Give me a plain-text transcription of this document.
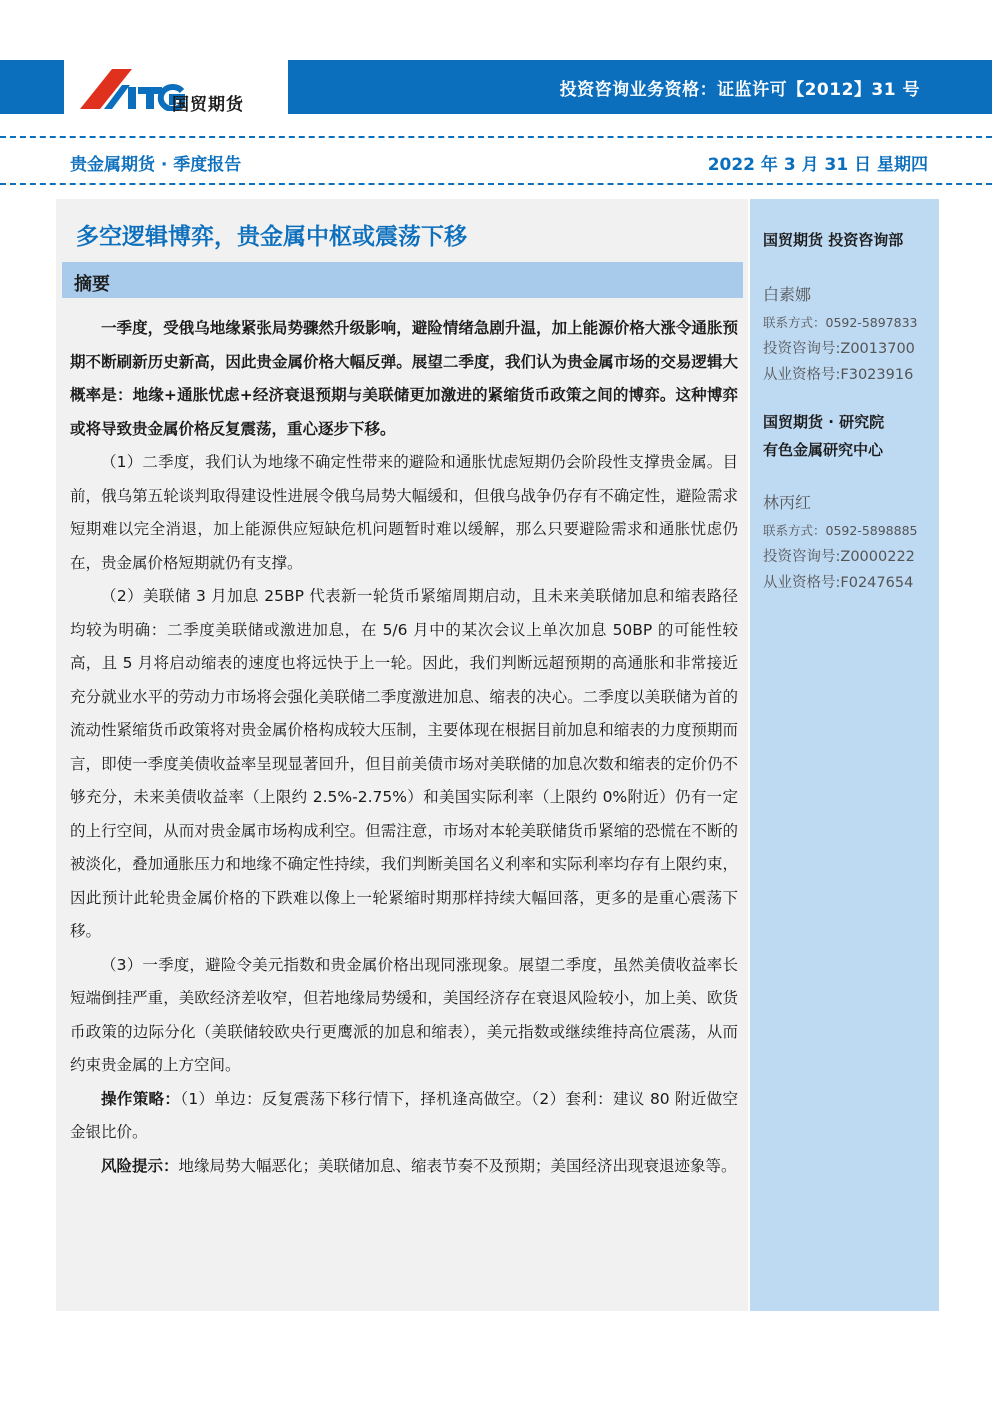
国贸期货
投资咨询业务资格：证监许可【2012】31 号
贵金属期货 · 季度报告	2022 年 3 月 31 日 星期四
多空逻辑博弈，贵金属中枢或震荡下移
摘要

一季度，受俄乌地缘紧张局势骤然升级影响，避险情绪急剧升温，加上能源价格大涨令通胀预期不断刷新历史新高，因此贵金属价格大幅反弹。展望二季度，我们认为贵金属市场的交易逻辑大概率是：地缘+通胀忧虑+经济衰退预期与美联储更加激进的紧缩货币政策之间的博弈。这种博弈或将导致贵金属价格反复震荡，重心逐步下移。

（1）二季度，我们认为地缘不确定性带来的避险和通胀忧虑短期仍会阶段性支撑贵金属。目前，俄乌第五轮谈判取得建设性进展令俄乌局势大幅缓和，但俄乌战争仍存有不确定性，避险需求短期难以完全消退，加上能源供应短缺危机问题暂时难以缓解，那么只要避险需求和通胀忧虑仍在，贵金属价格短期就仍有支撑。

（2）美联储 3 月加息 25BP 代表新一轮货币紧缩周期启动，且未来美联储加息和缩表路径均较为明确：二季度美联储或激进加息，在 5/6 月中的某次会议上单次加息 50BP 的可能性较高，且 5 月将启动缩表的速度也将远快于上一轮。因此，我们判断远超预期的高通胀和非常接近充分就业水平的劳动力市场将会强化美联储二季度激进加息、缩表的决心。二季度以美联储为首的流动性紧缩货币政策将对贵金属价格构成较大压制，主要体现在根据目前加息和缩表的力度预期而言，即使一季度美债收益率呈现显著回升，但目前美债市场对美联储的加息次数和缩表的定价仍不够充分，未来美债收益率（上限约 2.5%-2.75%）和美国实际利率（上限约 0%附近）仍有一定的上行空间，从而对贵金属市场构成利空。但需注意，市场对本轮美联储货币紧缩的恐慌在不断的被淡化，叠加通胀压力和地缘不确定性持续，我们判断美国名义利率和实际利率均存有上限约束，因此预计此轮贵金属价格的下跌难以像上一轮紧缩时期那样持续大幅回落，更多的是重心震荡下移。

（3）一季度，避险令美元指数和贵金属价格出现同涨现象。展望二季度，虽然美债收益率长短端倒挂严重，美欧经济差收窄，但若地缘局势缓和，美国经济存在衰退风险较小，加上美、欧货币政策的边际分化（美联储较欧央行更鹰派的加息和缩表），美元指数或继续维持高位震荡，从而约束贵金属的上方空间。

操作策略：（1）单边：反复震荡下移行情下，择机逢高做空。（2）套利：建议 80 附近做空金银比价。

风险提示：地缘局势大幅恶化；美联储加息、缩表节奏不及预期；美国经济出现衰退迹象等。

国贸期货 投资咨询部
白素娜
联系方式：0592-5897833
投资咨询号:Z0013700
从业资格号:F3023916
国贸期货 · 研究院
有色金属研究中心
林丙红
联系方式：0592-5898885
投资咨询号:Z0000222
从业资格号:F0247654
